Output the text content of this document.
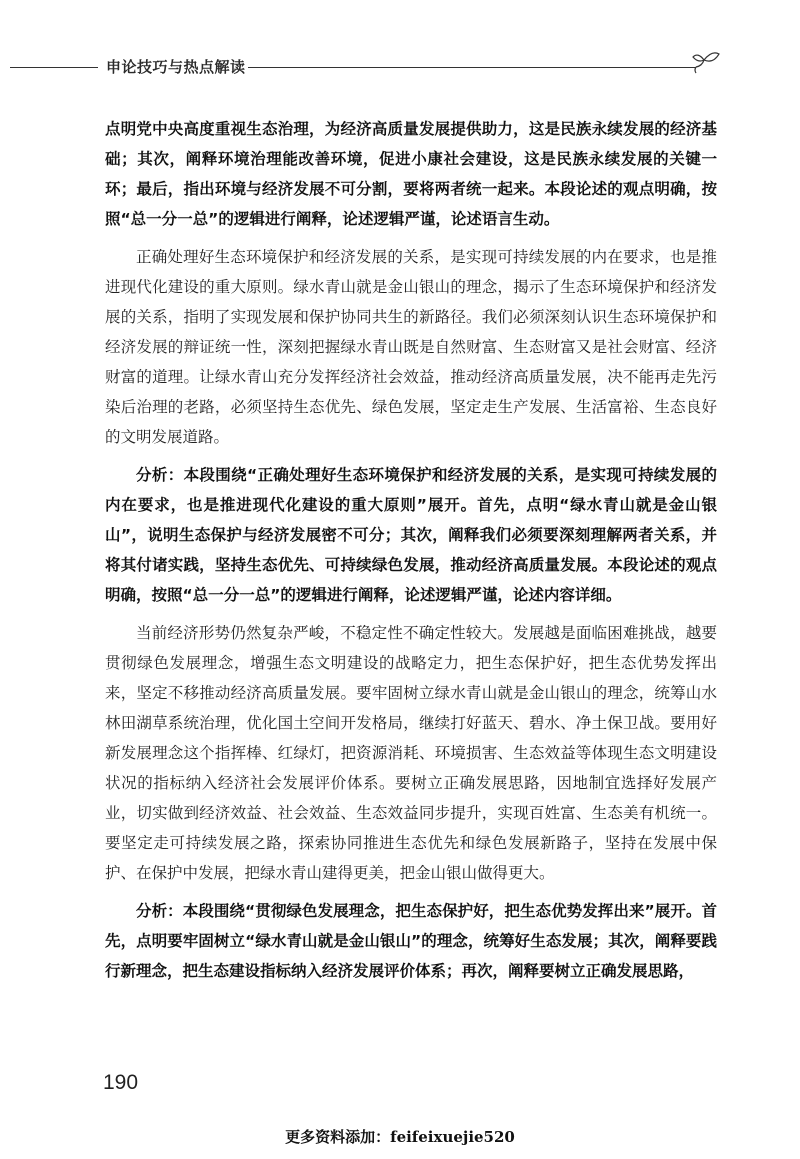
申论技巧与热点解读

点明党中央高度重视生态治理，为经济高质量发展提供助力，这是民族永续发展的经济基础；其次，阐释环境治理能改善环境，促进小康社会建设，这是民族永续发展的关键一环；最后，指出环境与经济发展不可分割，要将两者统一起来。本段论述的观点明确，按照“总一分一总”的逻辑进行阐释，论述逻辑严谨，论述语言生动。

正确处理好生态环境保护和经济发展的关系，是实现可持续发展的内在要求，也是推进现代化建设的重大原则。绿水青山就是金山银山的理念，揭示了生态环境保护和经济发展的关系，指明了实现发展和保护协同共生的新路径。我们必须深刻认识生态环境保护和经济发展的辩证统一性，深刻把握绿水青山既是自然财富、生态财富又是社会财富、经济财富的道理。让绿水青山充分发挥经济社会效益，推动经济高质量发展，决不能再走先污染后治理的老路，必须坚持生态优先、绿色发展，坚定走生产发展、生活富裕、生态良好的文明发展道路。

分析：本段围绕“正确处理好生态环境保护和经济发展的关系，是实现可持续发展的内在要求，也是推进现代化建设的重大原则”展开。首先，点明“绿水青山就是金山银山”，说明生态保护与经济发展密不可分；其次，阐释我们必须要深刻理解两者关系，并将其付诸实践，坚持生态优先、可持续绿色发展，推动经济高质量发展。本段论述的观点明确，按照“总一分一总”的逻辑进行阐释，论述逻辑严谨，论述内容详细。

当前经济形势仍然复杂严峻，不稳定性不确定性较大。发展越是面临困难挑战，越要贯彻绿色发展理念，增强生态文明建设的战略定力，把生态保护好，把生态优势发挥出来，坚定不移推动经济高质量发展。要牢固树立绿水青山就是金山银山的理念，统筹山水林田湖草系统治理，优化国土空间开发格局，继续打好蓝天、碧水、净土保卫战。要用好新发展理念这个指挥棒、红绿灯，把资源消耗、环境损害、生态效益等体现生态文明建设状况的指标纳入经济社会发展评价体系。要树立正确发展思路，因地制宜选择好发展产业，切实做到经济效益、社会效益、生态效益同步提升，实现百姓富、生态美有机统一。要坚定走可持续发展之路，探索协同推进生态优先和绿色发展新路子，坚持在发展中保护、在保护中发展，把绿水青山建得更美，把金山银山做得更大。

分析：本段围绕“贯彻绿色发展理念，把生态保护好，把生态优势发挥出来”展开。首先，点明要牢固树立“绿水青山就是金山银山”的理念，统筹好生态发展；其次，阐释要践行新理念，把生态建设指标纳入经济发展评价体系；再次，阐释要树立正确发展思路，

190
更多资料添加：feifeixuejie520
